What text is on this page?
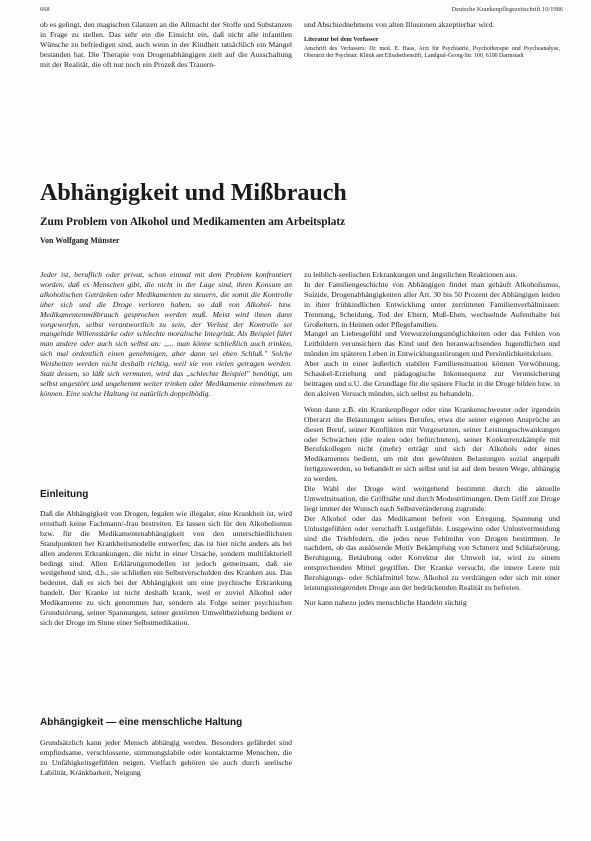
668	Deutsche Krankenpflegezeitschrift 10/1986

ob es gelingt, den magischen Glanzen an die Allmacht der Stoffe und Substanzen in Frage zu stellen. Das sehr ein die Einsicht ein, daß nicht alle infantilen Wünsche zu befriedigen sind, auch wenn in der Kindheit tatsächlich ein Mangel bestanden hat. Die Therapie von Drogenabhängigen zielt auf die Ausschaltung mit der Realität, die oft nur noch ein Prozeß des Trauern-

und Abschiednehmens von alten Illusionen akzeptierbar wird.

Literatur bei dem Verfasser

Anschrift des Verfassers: Dr. med. E. Haas, Arzt für Psychiatrie, Psychotherapie und Psychoanalyse, Oberarzt der Psychiatr. Klinik am Elisabethenstift, Landgraf-Georg-Str. 100, 6100 Darmstadt

Abhängigkeit und Mißbrauch
Zum Problem von Alkohol und Medikamenten am Arbeitsplatz

Von Wolfgang Münster

Jeder ist, beruflich oder privat, schon einmal mit dem Problem konfrontiert worden, daß es Menschen gibt, die nicht in der Lage sind, ihren Konsum an alkoholischen Getränken oder Medikamenten zu steuern, die somit die Kontrolle über sich und die Droge verloren haben, so daß von Alkohol- bzw. Medikamentenmißbrauch gesprochen werden muß. Meist wird ihnen dann vorgeworfen, selbst verantwortlich zu sein, der Verlust der Kontrolle sei mangelnde Willensstärke oder schlechte moralische Integrität. Als Beispiel führt man andere oder auch sich selbst an: ,,... man könne schließlich auch trinken, sich mal ordentlich einen genehmigen, aber dann sei eben Schluß." Solche Weisheiten werden nicht deshalb richtig, weil sie von vielen getragen werden. Statt dessen, so läßt sich vermuten, wird das ,,schlechte Beispiel" benötigt, um selbst ungestört und ungehemmt weiter trinken oder Medikamente einnehmen zu können. Eine solche Haltung ist natürlich doppelbödig.

Einleitung

Daß die Abhängigkeit von Drogen, legalen wie illegaler, eine Krankheit ist, wird ernsthaft keine Fachmann/-frau bestreiten. Es lassen sich für den Alkoholismus bzw. für die Medikamentenabhängigkeit von den unterschiedlichsten Standpunkten her Krankheitsmodelle entwerfen; das ist hier nicht anders als bei allen anderen Erkrankungen, die nicht in einer Ursache, sondern multifaktoriell bedingt sind. Allen Erklärungsmodellen ist jedoch gemeinsam, daß sie weitgehend sind, d.h., sie schließen ein Selbstverschulden des Kranken aus. Das bedeutet, daß es sich bei der Abhängigkeit um eine psychische Erkrankung handelt. Der Kranke ist nicht deshalb krank, weil er zuviel Alkohol oder Medikamente zu sich genommen hat, sondern als Folge seiner psychischen Grundstörung, seiner Spannungen, seiner gestörten Umweltbeziehung bedient er sich der Droge im Sinne einer Selbstmedikation.

Abhängigkeit — eine menschliche Haltung

Grundsätzlich kann jeder Mensch abhängig werden. Besonders gefährdet sind empfindsame, verschlossene, stimmungslabile oder kontaktarme Menschen, die zu Unfähigkeitsgefühlen neigen. Vielfach gehören sie auch durch seelische Labilität, Kränkbarkeit, Neigung

zu leiblich-seelischen Erkrankungen und ängstlichen Reaktionen aus.

In der Familiengeschichte von Abhängigen findet man gehäuft Alkoholismus, Suizide, Drogenabhängigkeiten aller Art. 30 bis 50 Prozent der Abhängigen leiden in ihrer frühkindlichen Entwicklung unter zerrütteten Familienverhältnissen: Trennung, Scheidung, Tod der Eltern, Muß-Ehen, wechselnde Aufenthalte bei Großeltern, in Heimen oder Pflegefamilien.

Mangel an Liebesgefühl und Verwurzelungsmöglichkeiten oder das Fehlen von Leitbildern verunsichern das Kind und den heranwachsenden Jugendlichen und münden im späteren Leben in Entwicklungsstörungen und Persönlichkeitskrisen.

Aber auch in einer äußerlich stabilen Familiensituation können Verwöhnung, Schaukel-Erziehung und pädagogische Inkonsequenz zur Verunsicherung beitragen und u.U. die Grundlage für die spätere Flucht in die Droge bilden bzw. in den aktiven Versuch münden, sich selbst zu behandeln.

Wenn dann z.B. ein Krankenpfleger oder eine Krankenschwester oder irgendein Oberarzt die Belastungen seines Berufes, etwa die seiner eigenen Ansprüche an diesen Beruf, seiner Konflikten mit Vorgesetzten, seiner Leistungsschwankungen oder Schwächen (die realen oder befürchteten), seiner Konkurrenzkämpfe mit Berufskollegen nicht (mehr) erträgt und sich der Alkohols oder eines Medikamentes bedient, um mit den gewöhnten Belastungen sozial angepaßt fertigzuwerden, so behandelt er sich selbst und ist auf dem besten Wege, abhängig zu werden.

Die Wahl der Droge wird weitgehend bestimmt durch die aktuelle Umweltsituation, die Griffnähe und durch Modeströmungen. Dem Griff zur Droge liegt immer der Wunsch nach Selbstveränderung zugrunde.

Der Alkohol oder das Medikament befreit von Erregung, Spannung und Unlustgefühlen oder verschafft Lustgefühle. Lustgewinn oder Unlustvermeidung sind die Triebfedern, die jedes neue Fehlreihn von Drogen bestimmen. Je nachdem, ob das auslösende Motiv Bekämpfung von Schmerz und Schlafstörung, Beruhigung, Betäubung oder Korrektur der Umwelt ist, wird zu einem entsprechenden Mittel gegriffen. Der Kranke versucht, die innere Leere mit Beruhigungs- oder Schlafmittel bzw. Alkohol zu verdrängen oder sich mit einer leistungssteigernden Droge aus der bedrückenden Realität zu befreien.

Nur kann nahezu jedes menschliche Handeln süchtig
